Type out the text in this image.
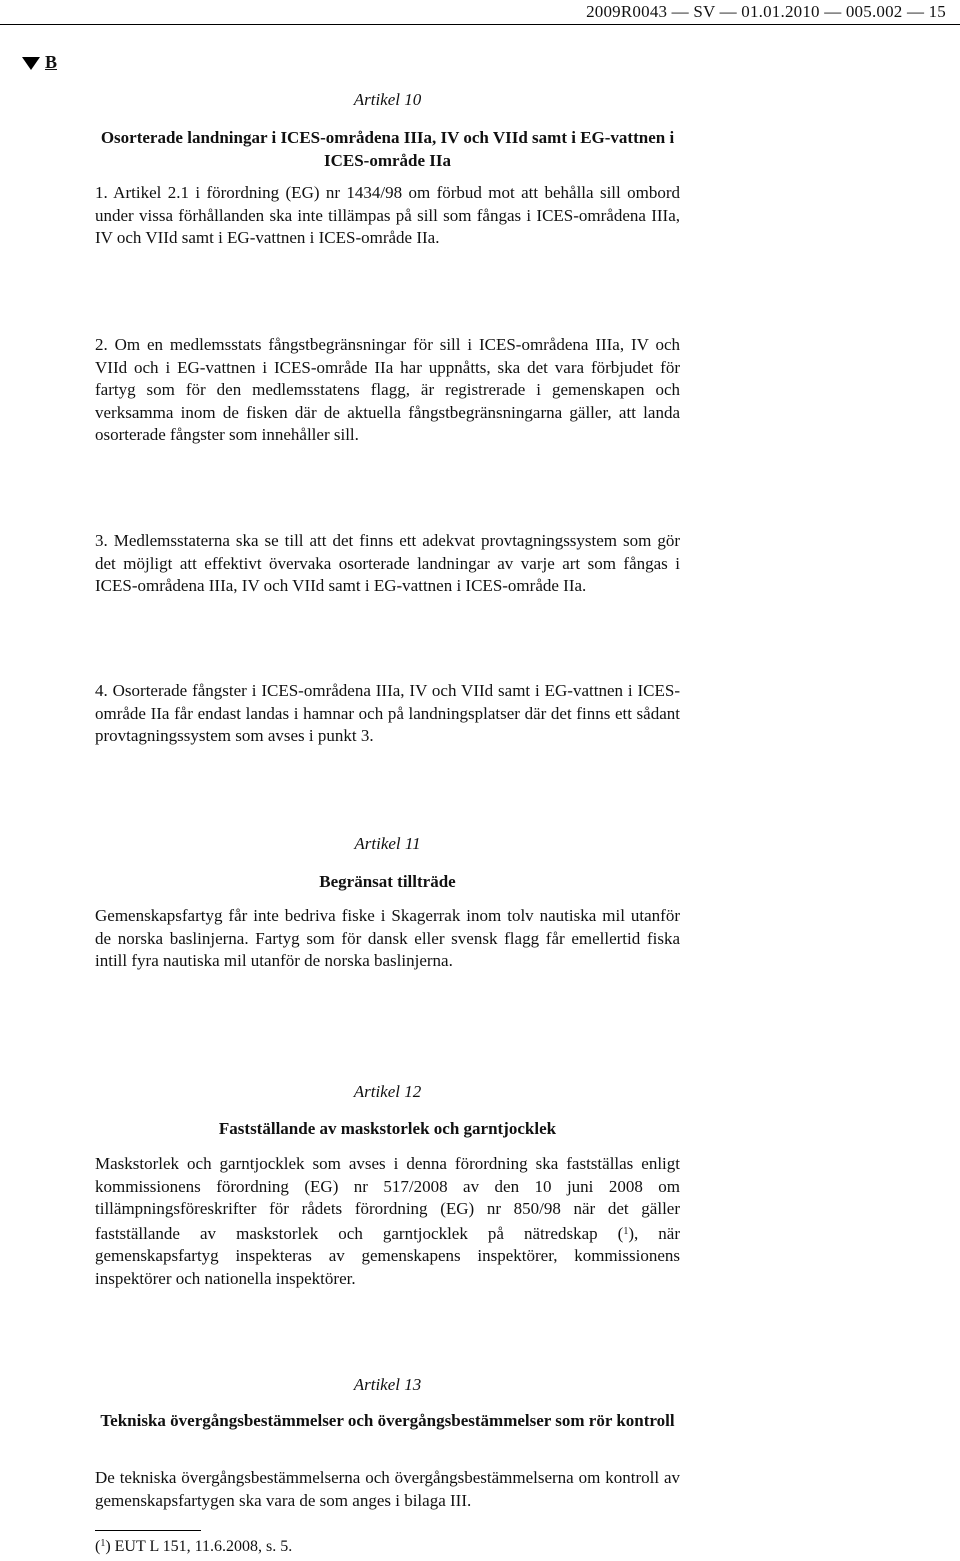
2009R0043 — SV — 01.01.2010 — 005.002 — 15
B
Artikel 10
Osorterade landningar i ICES-områdena IIIa, IV och VIId samt i EG-vattnen i ICES-område IIa
1. Artikel 2.1 i förordning (EG) nr 1434/98 om förbud mot att behålla sill ombord under vissa förhållanden ska inte tillämpas på sill som fångas i ICES-områdena IIIa, IV och VIId samt i EG-vattnen i ICES-område IIa.
2. Om en medlemsstats fångstbegränsningar för sill i ICES-områdena IIIa, IV och VIId och i EG-vattnen i ICES-område IIa har uppnåtts, ska det vara förbjudet för fartyg som för den medlemsstatens flagg, är registrerade i gemenskapen och verksamma inom de fisken där de aktuella fångstbegränsningarna gäller, att landa osorterade fångster som innehåller sill.
3. Medlemsstaterna ska se till att det finns ett adekvat provtagningssystem som gör det möjligt att effektivt övervaka osorterade landningar av varje art som fångas i ICES-områdena IIIa, IV och VIId samt i EG-vattnen i ICES-område IIa.
4. Osorterade fångster i ICES-områdena IIIa, IV och VIId samt i EG-vattnen i ICES-område IIa får endast landas i hamnar och på landningsplatser där det finns ett sådant provtagningssystem som avses i punkt 3.
Artikel 11
Begränsat tillträde
Gemenskapsfartyg får inte bedriva fiske i Skagerrak inom tolv nautiska mil utanför de norska baslinjerna. Fartyg som för dansk eller svensk flagg får emellertid fiska intill fyra nautiska mil utanför de norska baslinjerna.
Artikel 12
Fastställande av maskstorlek och garntjocklek
Maskstorlek och garntjocklek som avses i denna förordning ska fastställas enligt kommissionens förordning (EG) nr 517/2008 av den 10 juni 2008 om tillämpningsföreskrifter för rådets förordning (EG) nr 850/98 när det gäller fastställande av maskstorlek och garntjocklek på nätredskap ($^1$), när gemenskapsfartyg inspekteras av gemenskapens inspektörer, kommissionens inspektörer och nationella inspektörer.
Artikel 13
Tekniska övergångsbestämmelser och övergångsbestämmelser som rör kontroll
De tekniska övergångsbestämmelserna och övergångsbestämmelserna om kontroll av gemenskapsfartygen ska vara de som anges i bilaga III.
($^1$) EUT L 151, 11.6.2008, s. 5.
